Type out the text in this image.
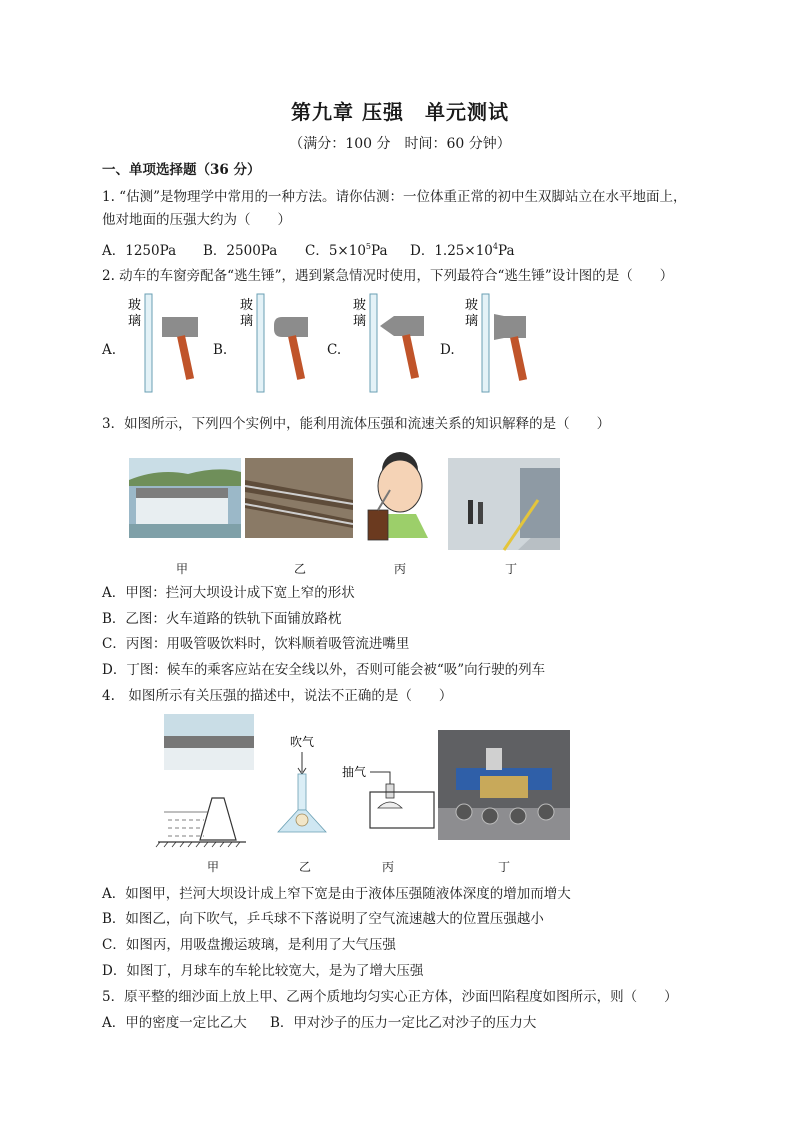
第九章 压强　单元测试
（满分：100 分　时间：60 分钟）
一、单项选择题（36 分）
1. “估测”是物理学中常用的一种方法。请你估测：一位体重正常的初中生双脚站立在水平地面上，
他对地面的压强大约为（　　）
A．1250Pa B．2500Pa C．$5\times 10^5Pa$ D．$1.25\times 10^4Pa$
2. 动车的车窗旁配备“逃生锤”，遇到紧急情况时使用，下列最符合“逃生锤”设计图的是（　　）
A.	B.	C.	D.
玻
璃
玻
璃
玻
璃
玻
璃
3．如图所示，下列四个实例中，能利用流体压强和流速关系的知识解释的是（　　）
甲	乙	丙	丁
A．甲图：拦河大坝设计成下宽上窄的形状
B．乙图：火车道路的铁轨下面铺放路枕
C．丙图：用吸管吸饮料时，饮料顺着吸管流进嘴里
D．丁图：候车的乘客应站在安全线以外，否则可能会被“吸”向行驶的列车
4.　如图所示有关压强的描述中，说法不正确的是（　　）
吹气
抽气
甲	乙	丙	丁
A．如图甲，拦河大坝设计成上窄下宽是由于液体压强随液体深度的增加而增大
B．如图乙，向下吹气，乒乓球不下落说明了空气流速越大的位置压强越小
C．如图丙，用吸盘搬运玻璃，是利用了大气压强
D．如图丁，月球车的车轮比较宽大，是为了增大压强
5．原平整的细沙面上放上甲、乙两个质地均匀实心正方体，沙面凹陷程度如图所示，则（　　）
A．甲的密度一定比乙大 B．甲对沙子的压力一定比乙对沙子的压力大
